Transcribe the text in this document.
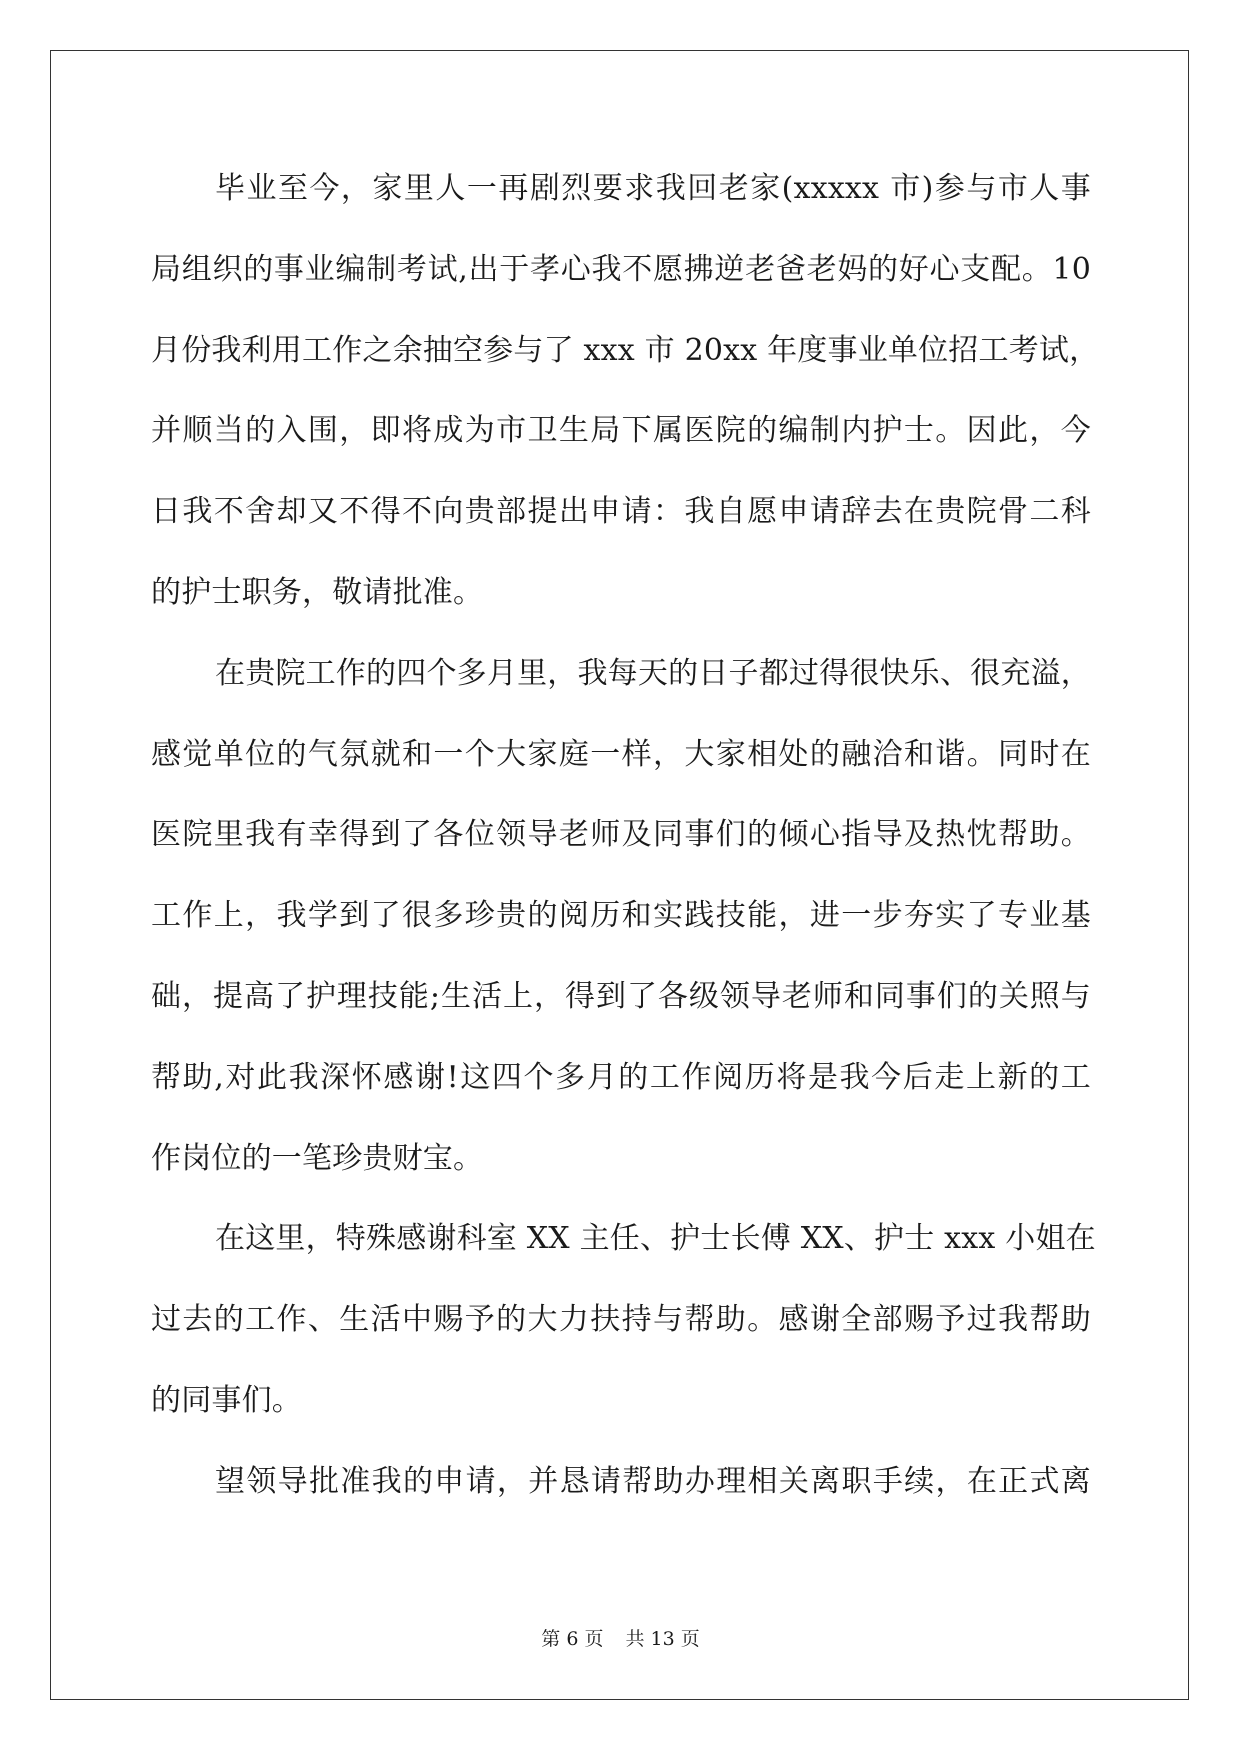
毕业至今，家里人一再剧烈要求我回老家(xxxxx 市)参与市人事
局组织的事业编制考试,出于孝心我不愿拂逆老爸老妈的好心支配。10
月份我利用工作之余抽空参与了 xxx 市 20xx 年度事业单位招工考试，
并顺当的入围，即将成为市卫生局下属医院的编制内护士。因此，今
日我不舍却又不得不向贵部提出申请：我自愿申请辞去在贵院骨二科
的护士职务，敬请批准。
在贵院工作的四个多月里，我每天的日子都过得很快乐、很充溢，
感觉单位的气氛就和一个大家庭一样，大家相处的融洽和谐。同时在
医院里我有幸得到了各位领导老师及同事们的倾心指导及热忱帮助。
工作上，我学到了很多珍贵的阅历和实践技能，进一步夯实了专业基
础，提高了护理技能;生活上，得到了各级领导老师和同事们的关照与
帮助,对此我深怀感谢!这四个多月的工作阅历将是我今后走上新的工
作岗位的一笔珍贵财宝。
在这里，特殊感谢科室 XX 主任、护士长傅 XX、护士 xxx 小姐在
过去的工作、生活中赐予的大力扶持与帮助。感谢全部赐予过我帮助
的同事们。
望领导批准我的申请，并恳请帮助办理相关离职手续，在正式离
第 6 页 共 13 页
